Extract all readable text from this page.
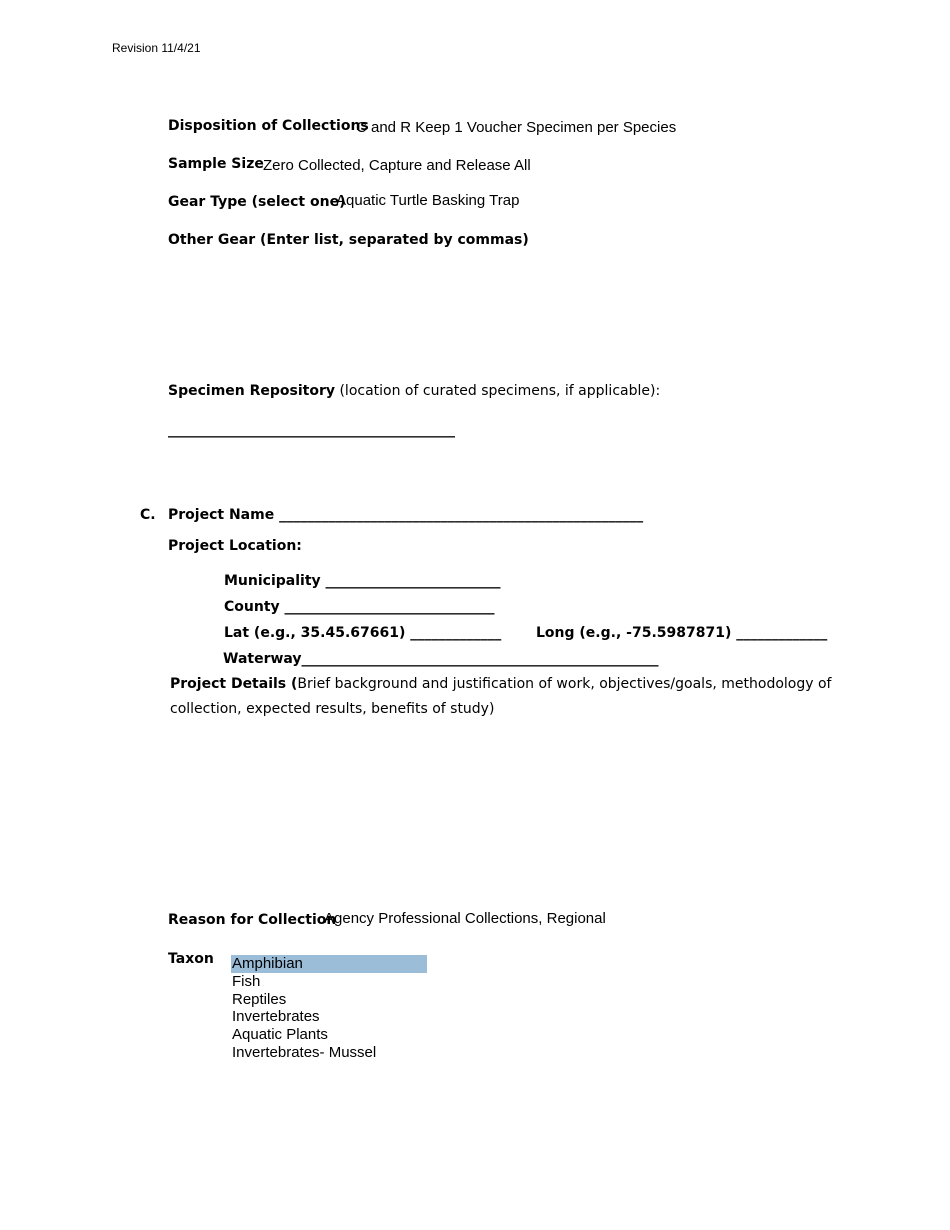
Revision 11/4/21
Disposition of Collections
C and R Keep 1 Voucher Specimen per Species
Sample Size Zero Collected, Capture and Release All
Gear Type (select one)
Aquatic Turtle Basking Trap
Other Gear (Enter list, separated by commas)
Specimen Repository (location of curated specimens, if applicable):
_________________________________________
C. Project Name ____________________________________________________
Project Location:
Municipality _________________________
County ______________________________
Lat (e.g., 35.45.67661) _____________ Long (e.g., -75.5987871) _____________
Waterway___________________________________________________
Project Details (Brief background and justification of work, objectives/goals, methodology of
collection, expected results, benefits of study)
Reason for Collection
Agency Professional Collections, Regional
Taxon Amphibian
Fish
Reptiles
Invertebrates
Aquatic Plants
Invertebrates- Mussel
